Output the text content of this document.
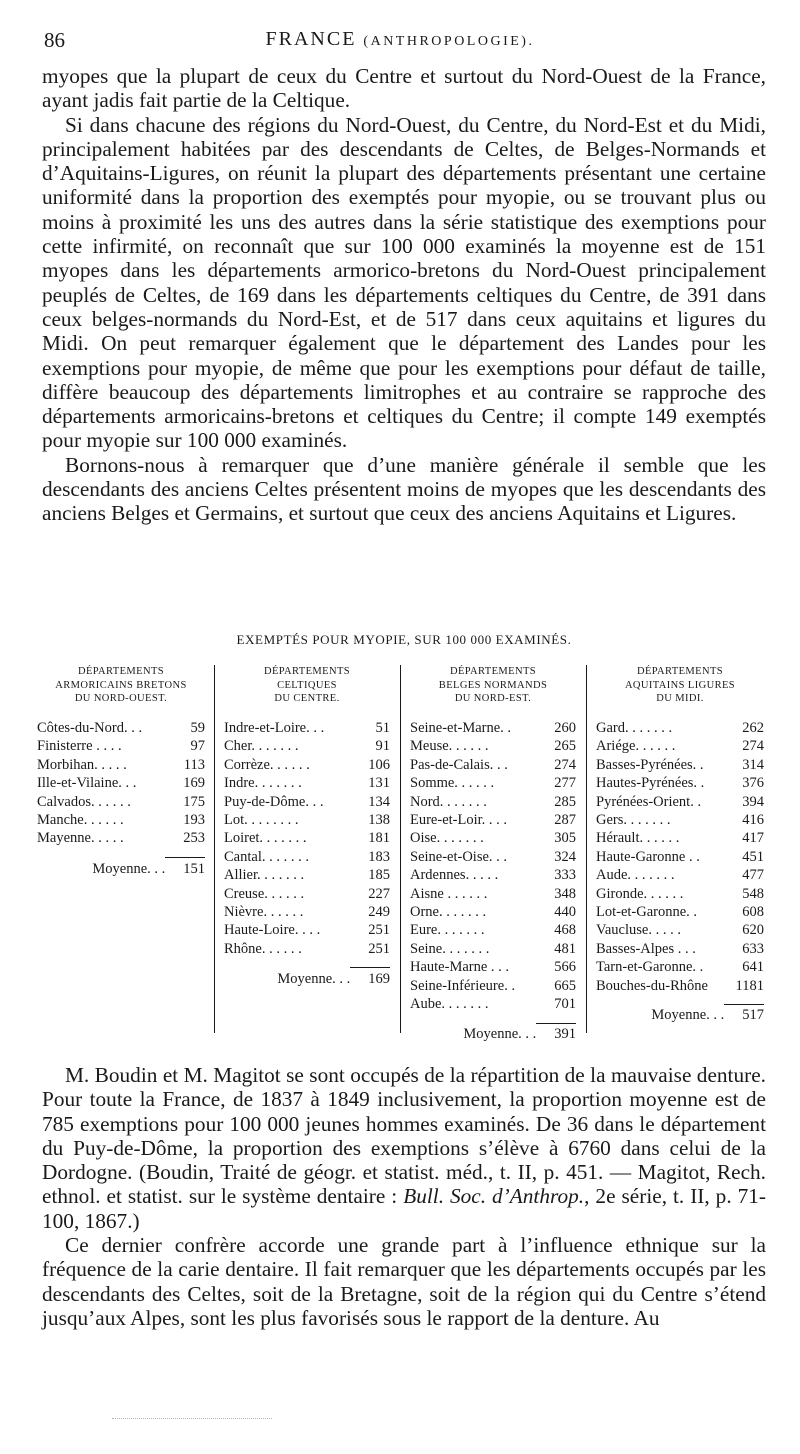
86	FRANCE (ANTHROPOLOGIE).

myopes que la plupart de ceux du Centre et surtout du Nord-Ouest de la France, ayant jadis fait partie de la Celtique.

Si dans chacune des régions du Nord-Ouest, du Centre, du Nord-Est et du Midi, principalement habitées par des descendants de Celtes, de Belges-Normands et d’Aquitains-Ligures, on réunit la plupart des départements présentant une certaine uniformité dans la proportion des exemptés pour myopie, ou se trouvant plus ou moins à proximité les uns des autres dans la série statistique des exemptions pour cette infirmité, on reconnaît que sur 100 000 examinés la moyenne est de 151 myopes dans les départements armorico-bretons du Nord-Ouest principalement peuplés de Celtes, de 169 dans les départements celtiques du Centre, de 391 dans ceux belges-normands du Nord-Est, et de 517 dans ceux aquitains et ligures du Midi. On peut remarquer également que le département des Landes pour les exemptions pour myopie, de même que pour les exemptions pour défaut de taille, diffère beaucoup des départements limitrophes et au contraire se rapproche des départements armoricains-bretons et celtiques du Centre; il compte 149 exemptés pour myopie sur 100 000 examinés.

Bornons-nous à remarquer que d’une manière générale il semble que les descendants des anciens Celtes présentent moins de myopes que les descendants des anciens Belges et Germains, et surtout que ceux des anciens Aquitains et Ligures.

EXEMPTÉS POUR MYOPIE, SUR 100 000 EXAMINÉS.
DÉPARTEMENTS
ARMORICAINS BRETONS
DU NORD-OUEST.
Côtes-du-Nord. . .	59
Finisterre . . . .	97
Morbihan. . . . .	113
Ille-et-Vilaine. . .	169
Calvados. . . . . .	175
Manche. . . . . .	193
Mayenne. . . . .	253
Moyenne. . . 151
DÉPARTEMENTS
CELTIQUES
DU CENTRE.
Indre-et-Loire. . .	51
Cher. . . . . . .	91
Corrèze. . . . . .	106
Indre. . . . . . .	131
Puy-de-Dôme. . .	134
Lot. . . . . . . .	138
Loiret. . . . . . .	181
Cantal. . . . . . .	183
Allier. . . . . . .	185
Creuse. . . . . .	227
Nièvre. . . . . .	249
Haute-Loire. . . .	251
Rhône. . . . . .	251
Moyenne. . . 169
DÉPARTEMENTS
BELGES NORMANDS
DU NORD-EST.
Seine-et-Marne. .	260
Meuse. . . . . .	265
Pas-de-Calais. . .	274
Somme. . . . . .	277
Nord. . . . . . .	285
Eure-et-Loir. . . .	287
Oise. . . . . . .	305
Seine-et-Oise. . .	324
Ardennes. . . . .	333
Aisne . . . . . .	348
Orne. . . . . . .	440
Eure. . . . . . .	468
Seine. . . . . . .	481
Haute-Marne . . .	566
Seine-Inférieure. .	665
Aube. . . . . . .	701
Moyenne. . . 391
DÉPARTEMENTS
AQUITAINS LIGURES
DU MIDI.
Gard. . . . . . .	262
Ariége. . . . . .	274
Basses-Pyrénées. .	314
Hautes-Pyrénées. .	376
Pyrénées-Orient. .	394
Gers. . . . . . .	416
Hérault. . . . . .	417
Haute-Garonne . .	451
Aude. . . . . . .	477
Gironde. . . . . .	548
Lot-et-Garonne. .	608
Vaucluse. . . . .	620
Basses-Alpes . . .	633
Tarn-et-Garonne. .	641
Bouches-du-Rhône 1181
Moyenne. . . 517

M. Boudin et M. Magitot se sont occupés de la répartition de la mauvaise denture. Pour toute la France, de 1837 à 1849 inclusivement, la proportion moyenne est de 785 exemptions pour 100 000 jeunes hommes examinés. De 36 dans le département du Puy-de-Dôme, la proportion des exemptions s’élève à 6760 dans celui de la Dordogne. (Boudin, Traité de géogr. et statist. méd., t. II, p. 451. — Magitot, Rech. ethnol. et statist. sur le système dentaire : Bull. Soc. d’Anthrop., 2e série, t. II, p. 71-100, 1867.)

Ce dernier confrère accorde une grande part à l’influence ethnique sur la fréquence de la carie dentaire. Il fait remarquer que les départements occupés par les descendants des Celtes, soit de la Bretagne, soit de la région qui du Centre s’étend jusqu’aux Alpes, sont les plus favorisés sous le rapport de la denture. Au
